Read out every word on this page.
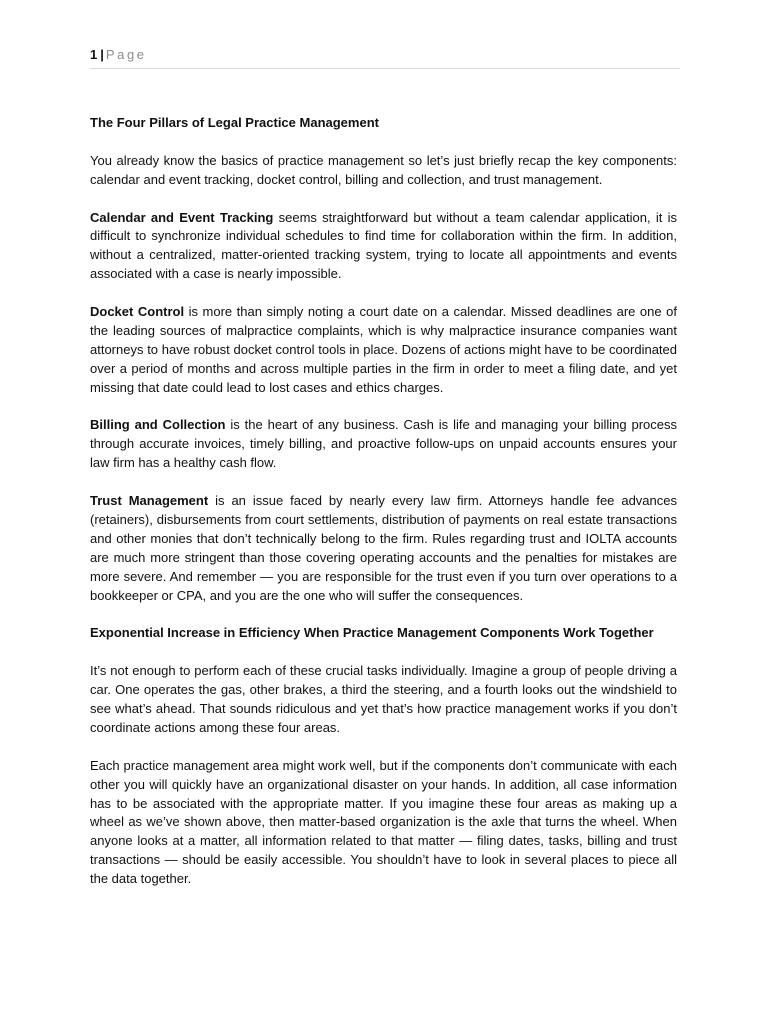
1 | Page
The Four Pillars of Legal Practice Management

You already know the basics of practice management so let’s just briefly recap the key components: calendar and event tracking, docket control, billing and collection, and trust management.

Calendar and Event Tracking seems straightforward but without a team calendar application, it is difficult to synchronize individual schedules to find time for collaboration within the firm. In addition, without a centralized, matter-oriented tracking system, trying to locate all appointments and events associated with a case is nearly impossible.

Docket Control is more than simply noting a court date on a calendar. Missed deadlines are one of the leading sources of malpractice complaints, which is why malpractice insurance companies want attorneys to have robust docket control tools in place. Dozens of actions might have to be coordinated over a period of months and across multiple parties in the firm in order to meet a filing date, and yet missing that date could lead to lost cases and ethics charges.

Billing and Collection is the heart of any business. Cash is life and managing your billing process through accurate invoices, timely billing, and proactive follow-ups on unpaid accounts ensures your law firm has a healthy cash flow.

Trust Management is an issue faced by nearly every law firm. Attorneys handle fee advances (retainers), disbursements from court settlements, distribution of payments on real estate transactions and other monies that don’t technically belong to the firm. Rules regarding trust and IOLTA accounts are much more stringent than those covering operating accounts and the penalties for mistakes are more severe. And remember — you are responsible for the trust even if you turn over operations to a bookkeeper or CPA, and you are the one who will suffer the consequences.

Exponential Increase in Efficiency When Practice Management Components Work Together

It’s not enough to perform each of these crucial tasks individually. Imagine a group of people driving a car. One operates the gas, other brakes, a third the steering, and a fourth looks out the windshield to see what’s ahead. That sounds ridiculous and yet that’s how practice management works if you don’t coordinate actions among these four areas.

Each practice management area might work well, but if the components don’t communicate with each other you will quickly have an organizational disaster on your hands. In addition, all case information has to be associated with the appropriate matter. If you imagine these four areas as making up a wheel as we’ve shown above, then matter-based organization is the axle that turns the wheel. When anyone looks at a matter, all information related to that matter — filing dates, tasks, billing and trust transactions — should be easily accessible. You shouldn’t have to look in several places to piece all the data together.
